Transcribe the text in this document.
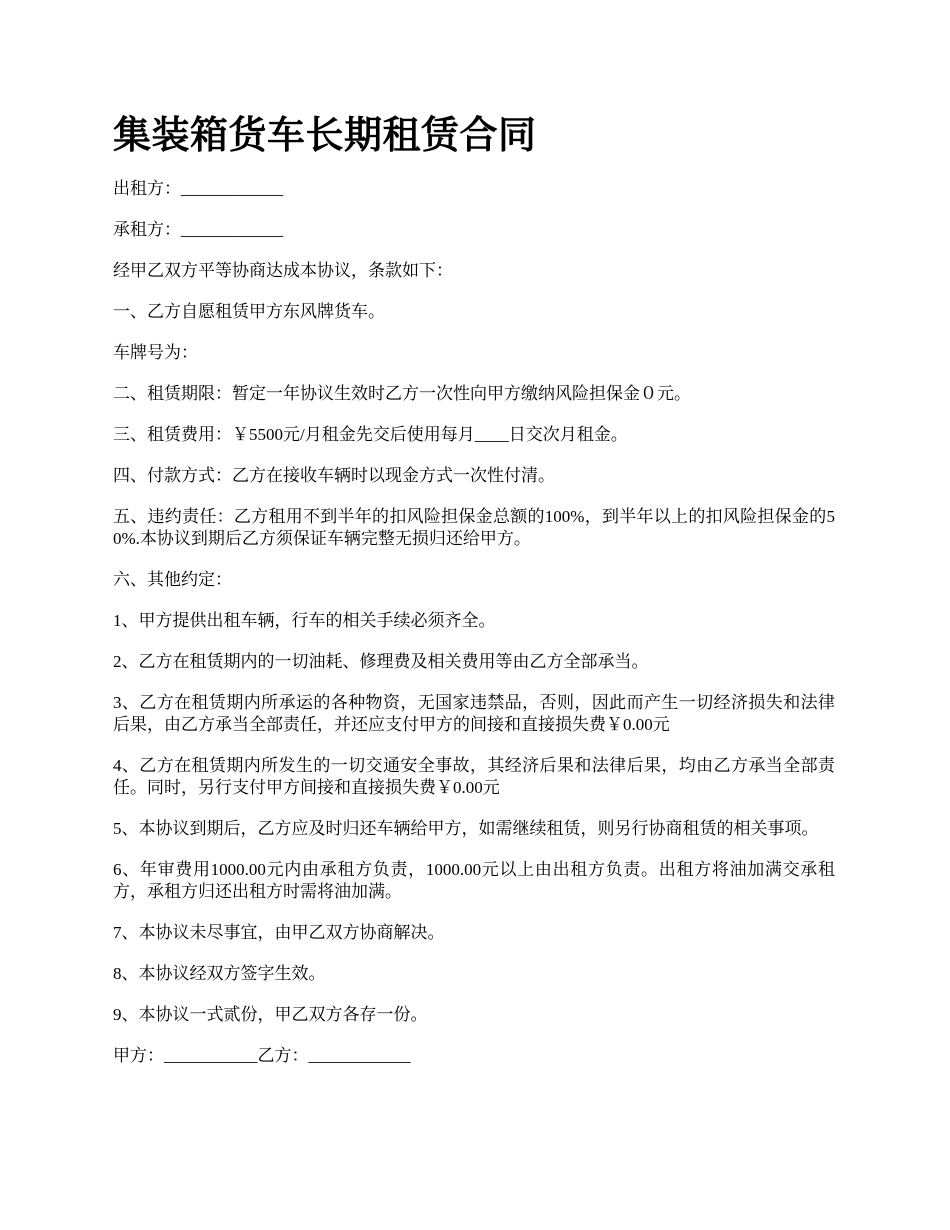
集装箱货车长期租赁合同

出租方：____________

承租方：____________

经甲乙双方平等协商达成本协议，条款如下：

一、乙方自愿租赁甲方东风牌货车。

车牌号为：

二、租赁期限：暂定一年协议生效时乙方一次性向甲方缴纳风险担保金０元。

三、租赁费用：￥5500元/月租金先交后使用每月____日交次月租金。

四、付款方式：乙方在接收车辆时以现金方式一次性付清。

五、违约责任：乙方租用不到半年的扣风险担保金总额的100%，到半年以上的扣风险担保金的50%.本协议到期后乙方须保证车辆完整无损归还给甲方。

六、其他约定：

1、甲方提供出租车辆，行车的相关手续必须齐全。

2、乙方在租赁期内的一切油耗、修理费及相关费用等由乙方全部承当。

3、乙方在租赁期内所承运的各种物资，无国家违禁品，否则，因此而产生一切经济损失和法律后果，由乙方承当全部责任，并还应支付甲方的间接和直接损失费￥0.00元

4、乙方在租赁期内所发生的一切交通安全事故，其经济后果和法律后果，均由乙方承当全部责任。同时，另行支付甲方间接和直接损失费￥0.00元

5、本协议到期后，乙方应及时归还车辆给甲方，如需继续租赁，则另行协商租赁的相关事项。

6、年审费用1000.00元内由承租方负责，1000.00元以上由出租方负责。出租方将油加满交承租方，承租方归还出租方时需将油加满。

7、本协议未尽事宜，由甲乙双方协商解决。

8、本协议经双方签字生效。

9、本协议一式贰份，甲乙双方各存一份。

甲方：___________乙方：____________
